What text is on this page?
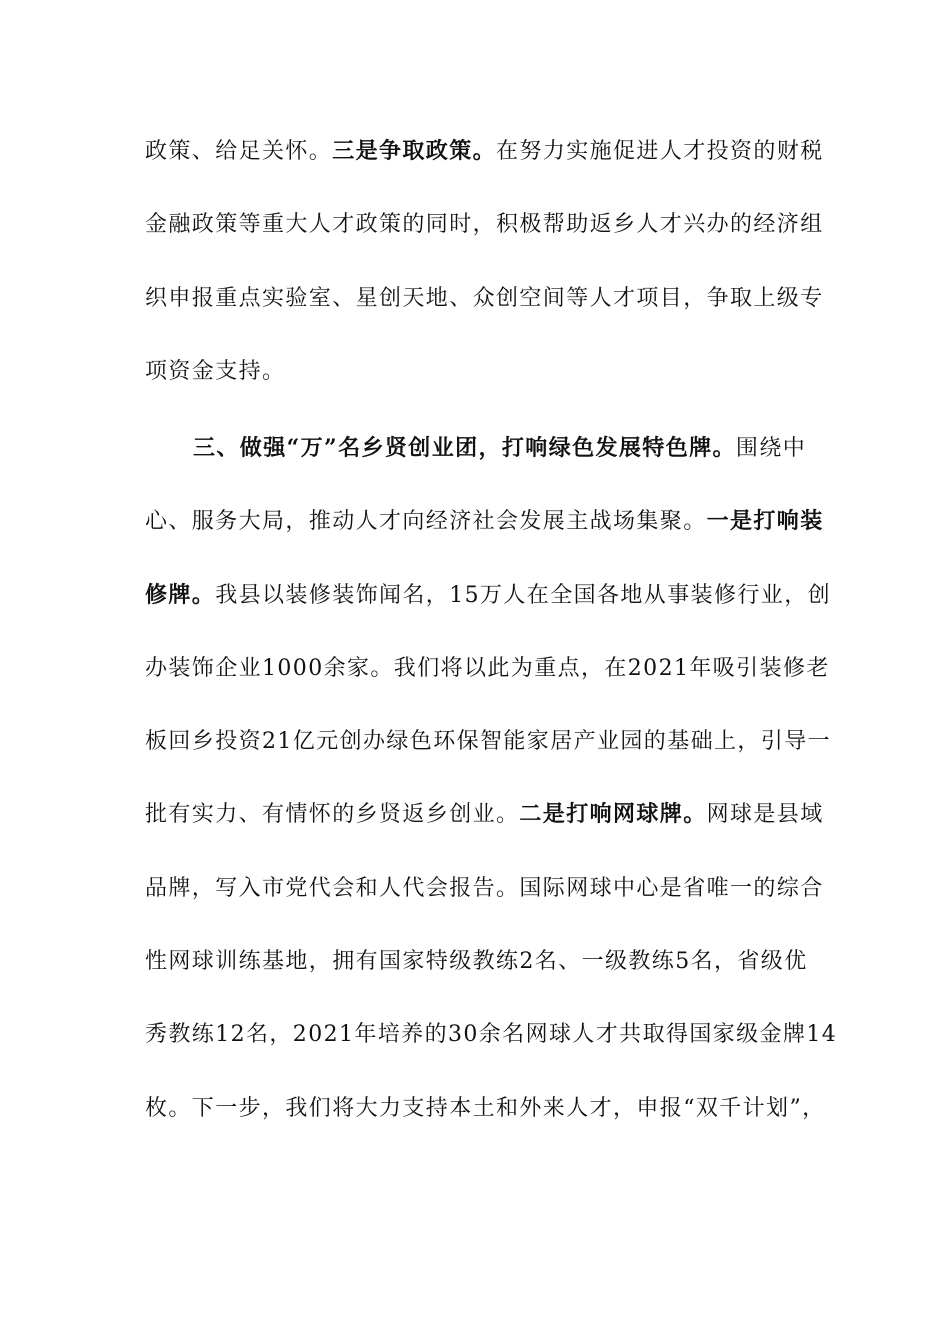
政策、给足关怀。三是争取政策。在努力实施促进人才投资的财税
金融政策等重大人才政策的同时，积极帮助返乡人才兴办的经济组
织申报重点实验室、星创天地、众创空间等人才项目，争取上级专
项资金支持。
三、做强“万”名乡贤创业团，打响绿色发展特色牌。围绕中
心、服务大局，推动人才向经济社会发展主战场集聚。一是打响装
修牌。我县以装修装饰闻名，15万人在全国各地从事装修行业，创
办装饰企业1000余家。我们将以此为重点，在2021年吸引装修老
板回乡投资21亿元创办绿色环保智能家居产业园的基础上，引导一
批有实力、有情怀的乡贤返乡创业。二是打响网球牌。网球是县域
品牌，写入市党代会和人代会报告。国际网球中心是省唯一的综合
性网球训练基地，拥有国家特级教练2名、一级教练5名，省级优
秀教练12名，2021年培养的30余名网球人才共取得国家级金牌14
枚。下一步，我们将大力支持本土和外来人才，申报“双千计划”，
